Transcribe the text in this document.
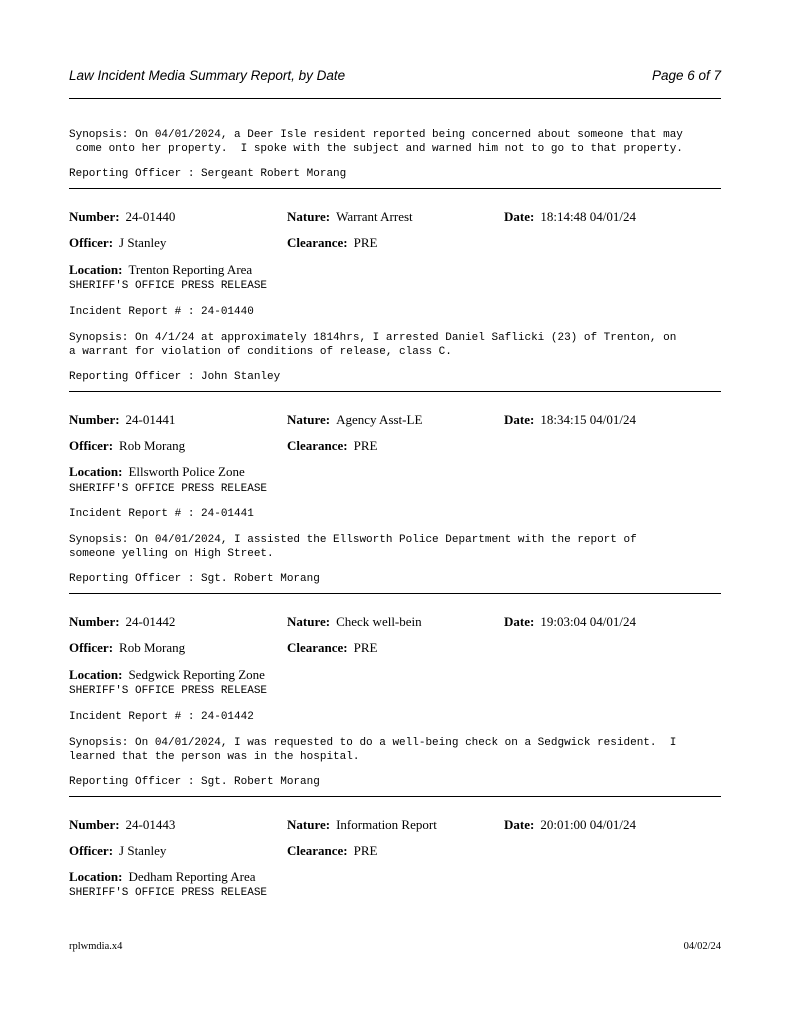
Law Incident Media Summary Report, by Date	Page 6 of 7
Synopsis: On 04/01/2024, a Deer Isle resident reported being concerned about someone that may
come onto her property.  I spoke with the subject and warned him not to go to that property.
Reporting Officer : Sergeant Robert Morang
Number: 24-01440	Nature: Warrant Arrest	Date: 18:14:48 04/01/24
Officer: J Stanley	Clearance: PRE
Location: Trenton Reporting Area
SHERIFF'S OFFICE PRESS RELEASE
Incident Report # : 24-01440
Synopsis: On 4/1/24 at approximately 1814hrs, I arrested Daniel Saflicki (23) of Trenton, on
a warrant for violation of conditions of release, class C.
Reporting Officer : John Stanley
Number: 24-01441	Nature: Agency Asst-LE	Date: 18:34:15 04/01/24
Officer: Rob Morang	Clearance: PRE
Location: Ellsworth Police Zone
SHERIFF'S OFFICE PRESS RELEASE
Incident Report # : 24-01441
Synopsis: On 04/01/2024, I assisted the Ellsworth Police Department with the report of
someone yelling on High Street.
Reporting Officer : Sgt. Robert Morang
Number: 24-01442	Nature: Check well-bein	Date: 19:03:04 04/01/24
Officer: Rob Morang	Clearance: PRE
Location: Sedgwick Reporting Zone
SHERIFF'S OFFICE PRESS RELEASE
Incident Report # : 24-01442
Synopsis: On 04/01/2024, I was requested to do a well-being check on a Sedgwick resident.  I
learned that the person was in the hospital.
Reporting Officer : Sgt. Robert Morang
Number: 24-01443	Nature: Information Report	Date: 20:01:00 04/01/24
Officer: J Stanley	Clearance: PRE
Location: Dedham Reporting Area
SHERIFF'S OFFICE PRESS RELEASE
rplwmdia.x4	04/02/24
